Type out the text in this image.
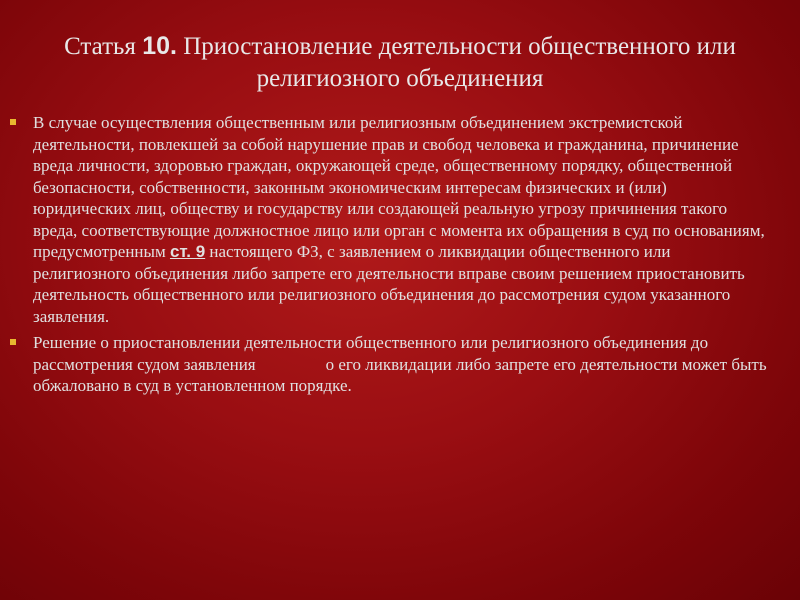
Статья 10. Приостановление деятельности общественного или религиозного объединения
В случае осуществления общественным или религиозным объединением экстремистской деятельности, повлекшей за собой нарушение прав и свобод человека и гражданина, причинение вреда личности, здоровью граждан, окружающей среде, общественному порядку, общественной безопасности, собственности, законным экономическим интересам физических и (или) юридических лиц, обществу и государству или создающей реальную угрозу причинения такого вреда, соответствующие должностное лицо или орган с момента их обращения в суд по основаниям, предусмотренным ст. 9 настоящего ФЗ, с заявлением о ликвидации общественного или религиозного объединения либо запрете его деятельности вправе своим решением приостановить деятельность общественного или религиозного объединения до рассмотрения судом указанного заявления.
Решение о приостановлении деятельности общественного или религиозного объединения до рассмотрения судом заявления	о его ликвидации либо запрете его деятельности может быть обжаловано в суд в установленном порядке.
